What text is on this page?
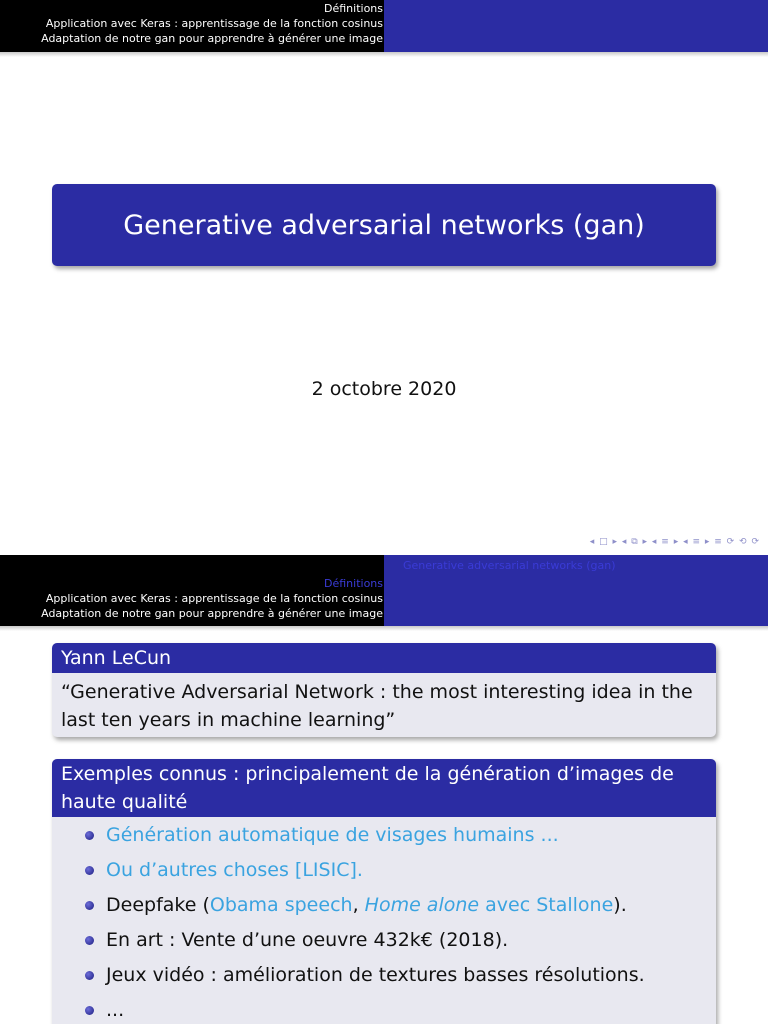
Définitions
Application avec Keras : apprentissage de la fonction cosinus
Adaptation de notre gan pour apprendre à générer une image
Generative adversarial networks (gan)
2 octobre 2020
◂ □ ▸ ◂ ⧉ ▸ ◂ ≡ ▸ ◂ ≡ ▸ ≡ ⟳ ⟲ ⟳
Définitions
Application avec Keras : apprentissage de la fonction cosinus
Adaptation de notre gan pour apprendre à générer une image
Generative adversarial networks (gan)
Yann LeCun
“Generative Adversarial Network : the most interesting idea in the last ten years in machine learning”
Exemples connus : principalement de la génération d’images de haute qualité
Génération automatique de visages humains ...
Ou d’autres choses [LISIC].
Deepfake (Obama speech, Home alone avec Stallone).
En art : Vente d’une oeuvre 432k€ (2018).
Jeux vidéo : amélioration de textures basses résolutions.
...
